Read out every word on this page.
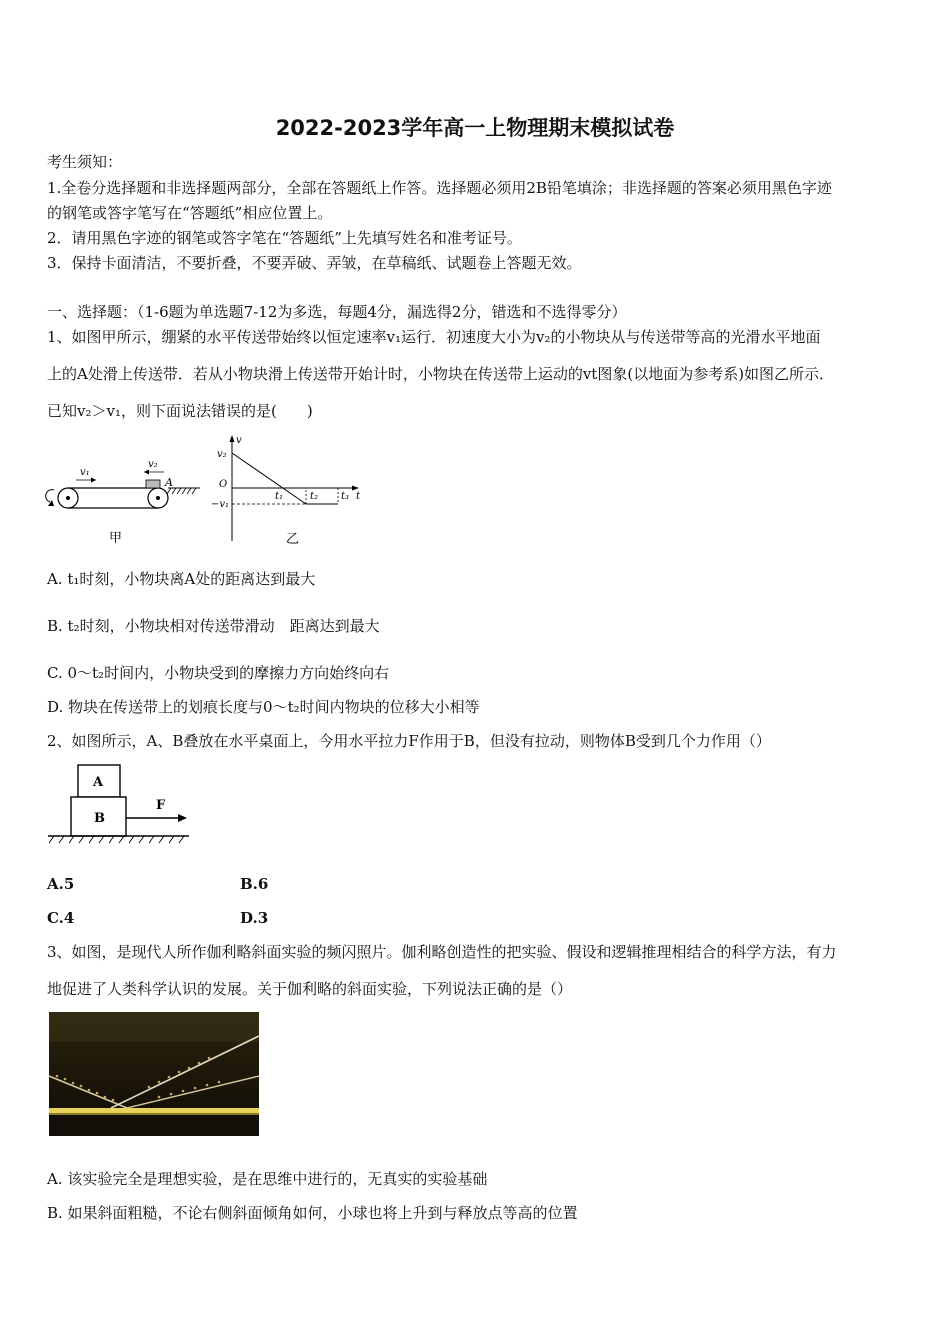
2022-2023学年高一上物理期末模拟试卷
考生须知：
1.全卷分选择题和非选择题两部分，全部在答题纸上作答。选择题必须用2B铅笔填涂；非选择题的答案必须用黑色字迹
的钢笔或答字笔写在“答题纸”相应位置上。
2．请用黑色字迹的钢笔或答字笔在“答题纸”上先填写姓名和准考证号。
3．保持卡面清洁，不要折叠，不要弄破、弄皱，在草稿纸、试题卷上答题无效。
一、选择题：（1-6题为单选题7-12为多选，每题4分，漏选得2分，错选和不选得零分）
1、如图甲所示，绷紧的水平传送带始终以恒定速率v₁运行．初速度大小为v₂的小物块从与传送带等高的光滑水平地面
上的A处滑上传送带．若从小物块滑上传送带开始计时，小物块在传送带上运动的vt图象(以地面为参考系)如图乙所示．
已知v₂＞v₁，则下面说法错误的是(　　)
v₁
v₂
A
甲
v
v₂
O
−v₁
t₁	t₂ t₃ t
乙
A. t₁时刻，小物块离A处的距离达到最大
B. t₂时刻，小物块相对传送带滑动　距离达到最大
C. 0～t₂时间内，小物块受到的摩擦力方向始终向右
D. 物块在传送带上的划痕长度与0～t₂时间内物块的位移大小相等
2、如图所示，A、B叠放在水平桌面上，今用水平拉力F作用于B，但没有拉动，则物体B受到几个力作用（）
A
B
F
A.5	B.6
C.4	D.3
3、如图，是现代人所作伽利略斜面实验的频闪照片。伽利略创造性的把实验、假设和逻辑推理相结合的科学方法，有力
地促进了人类科学认识的发展。关于伽利略的斜面实验，下列说法正确的是（）
A. 该实验完全是理想实验，是在思维中进行的，无真实的实验基础
B. 如果斜面粗糙，不论右侧斜面倾角如何，小球也将上升到与释放点等高的位置
